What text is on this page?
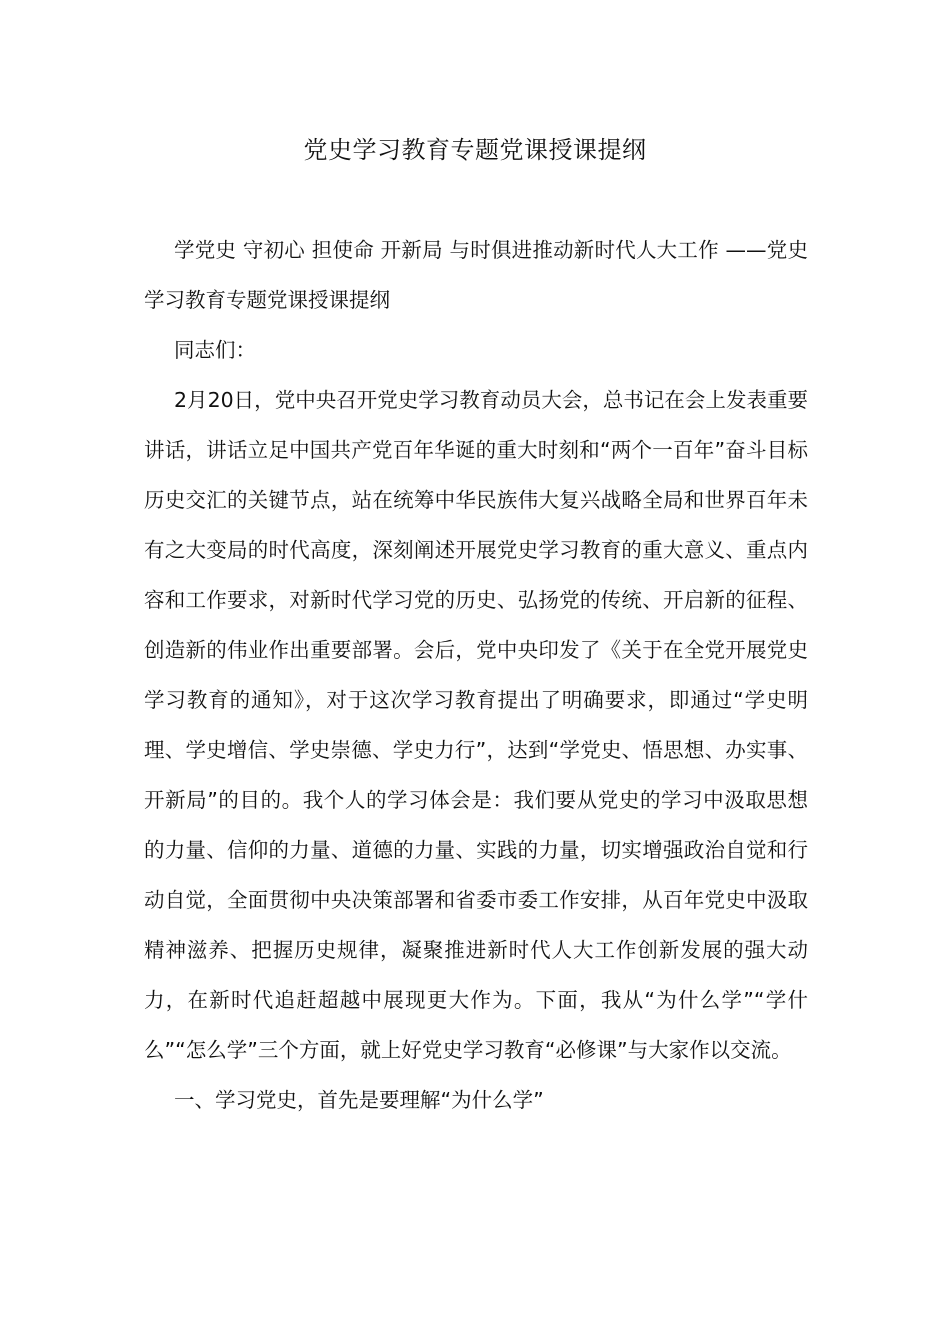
党史学习教育专题党课授课提纲

学党史 守初心 担使命 开新局 与时俱进推动新时代人大工作 ——党史学习教育专题党课授课提纲

同志们：

2月20日，党中央召开党史学习教育动员大会，总书记在会上发表重要讲话，讲话立足中国共产党百年华诞的重大时刻和“两个一百年”奋斗目标历史交汇的关键节点，站在统筹中华民族伟大复兴战略全局和世界百年未有之大变局的时代高度，深刻阐述开展党史学习教育的重大意义、重点内容和工作要求，对新时代学习党的历史、弘扬党的传统、开启新的征程、创造新的伟业作出重要部署。会后，党中央印发了《关于在全党开展党史学习教育的通知》，对于这次学习教育提出了明确要求，即通过“学史明理、学史增信、学史崇德、学史力行”，达到“学党史、悟思想、办实事、开新局”的目的。我个人的学习体会是：我们要从党史的学习中汲取思想的力量、信仰的力量、道德的力量、实践的力量，切实增强政治自觉和行动自觉，全面贯彻中央决策部署和省委市委工作安排，从百年党史中汲取精神滋养、把握历史规律，凝聚推进新时代人大工作创新发展的强大动力，在新时代追赶超越中展现更大作为。下面，我从“为什么学”“学什么”“怎么学”三个方面，就上好党史学习教育“必修课”与大家作以交流。

一、学习党史，首先是要理解“为什么学”
